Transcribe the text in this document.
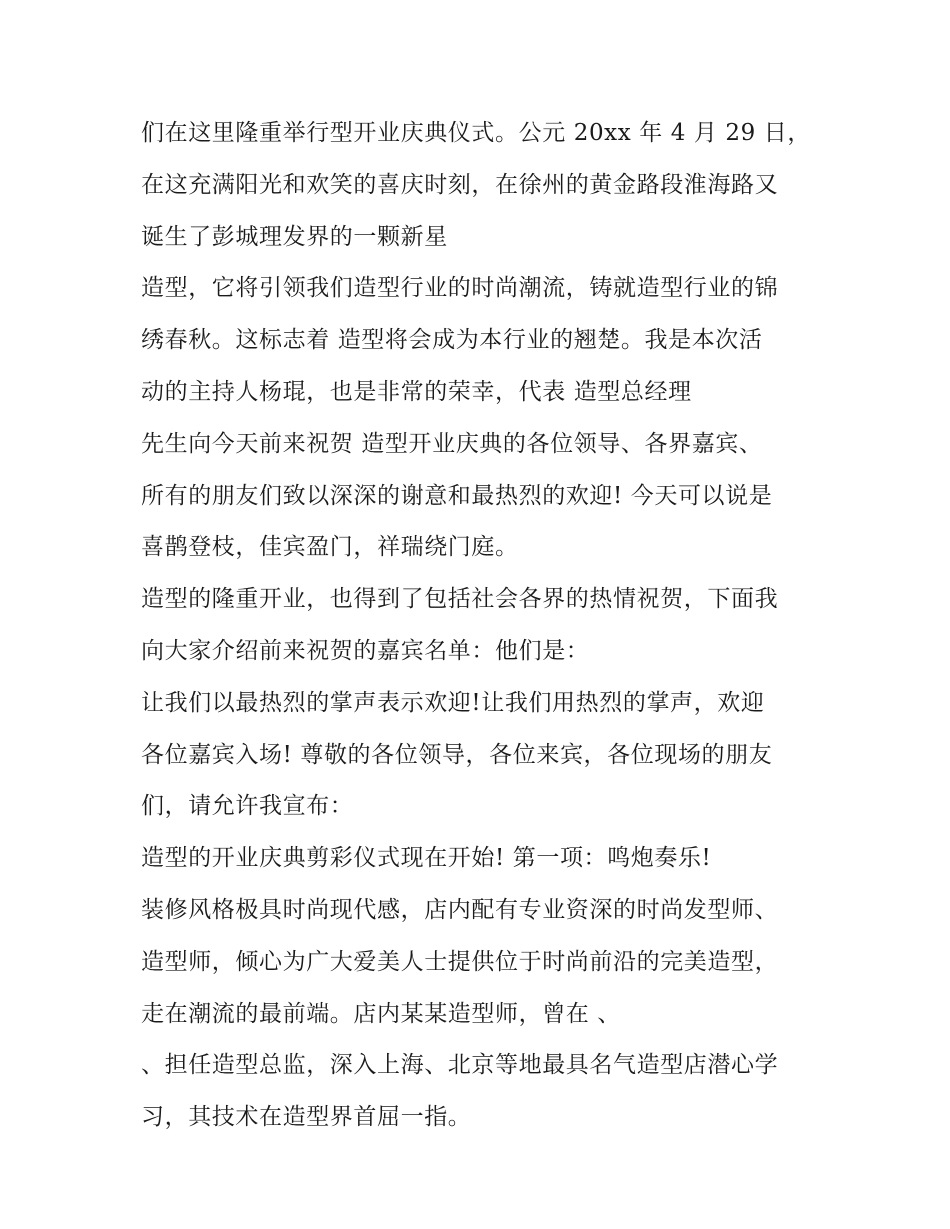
们在这里隆重举行型开业庆典仪式。公元 20xx 年 4 月 29 日，
在这充满阳光和欢笑的喜庆时刻，在徐州的黄金路段淮海路又
诞生了彭城理发界的一颗新星
造型，它将引领我们造型行业的时尚潮流，铸就造型行业的锦
绣春秋。这标志着 造型将会成为本行业的翘楚。我是本次活
动的主持人杨琨，也是非常的荣幸，代表 造型总经理
先生向今天前来祝贺 造型开业庆典的各位领导、各界嘉宾、
所有的朋友们致以深深的谢意和最热烈的欢迎! 今天可以说是
喜鹊登枝，佳宾盈门，祥瑞绕门庭。
造型的隆重开业，也得到了包括社会各界的热情祝贺，下面我
向大家介绍前来祝贺的嘉宾名单：他们是：
让我们以最热烈的掌声表示欢迎!让我们用热烈的掌声，欢迎
各位嘉宾入场! 尊敬的各位领导，各位来宾，各位现场的朋友
们，请允许我宣布：
造型的开业庆典剪彩仪式现在开始! 第一项：鸣炮奏乐!
装修风格极具时尚现代感，店内配有专业资深的时尚发型师、
造型师，倾心为广大爱美人士提供位于时尚前沿的完美造型，
走在潮流的最前端。店内某某造型师，曾在 、
、担任造型总监，深入上海、北京等地最具名气造型店潜心学
习，其技术在造型界首屈一指。
